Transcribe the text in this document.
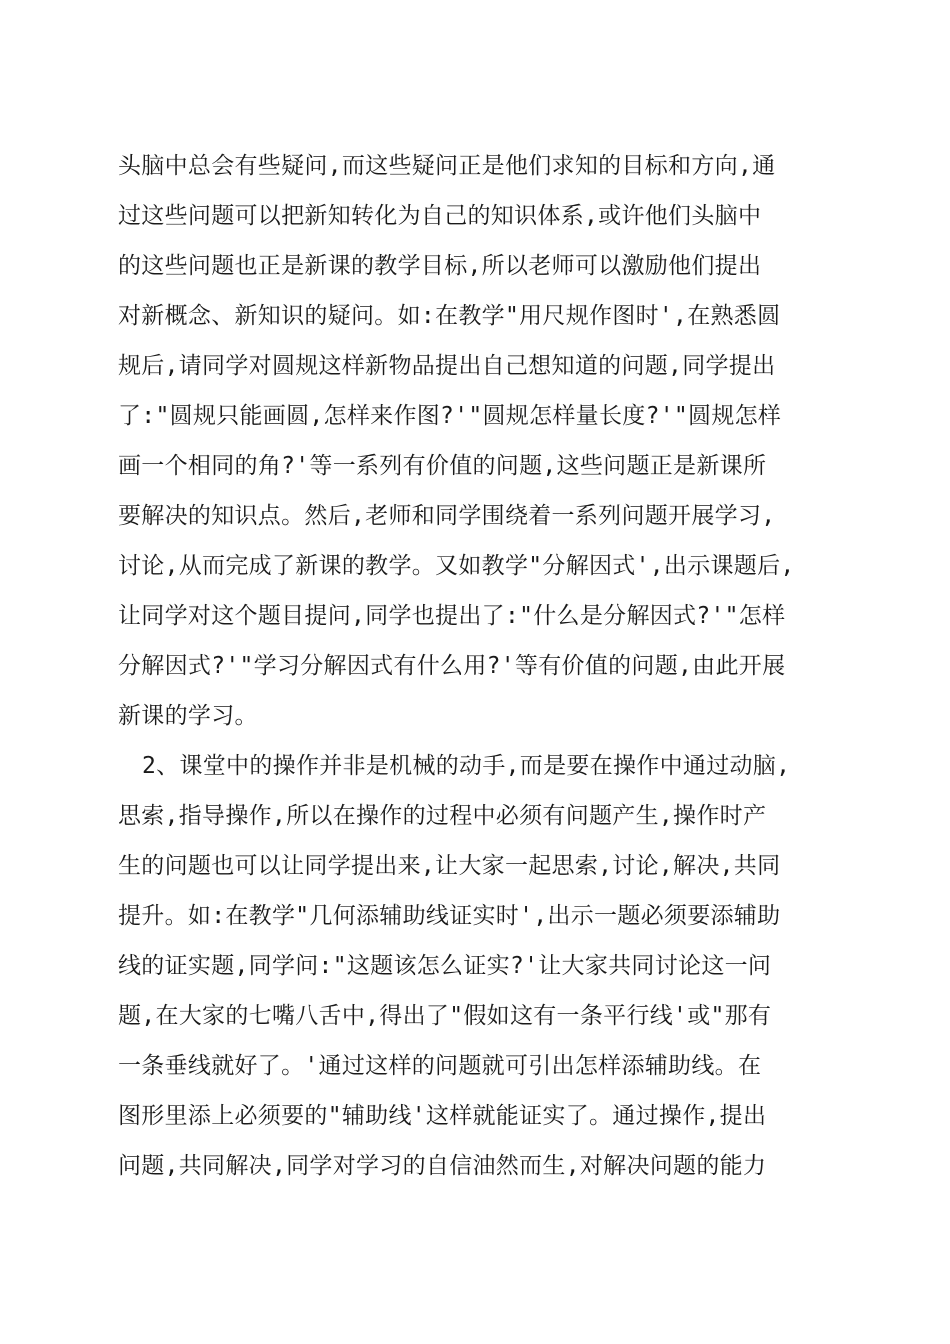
头脑中总会有些疑问,而这些疑问正是他们求知的目标和方向,通
过这些问题可以把新知转化为自己的知识体系,或许他们头脑中
的这些问题也正是新课的教学目标,所以老师可以激励他们提出
对新概念、新知识的疑问。如:在教学"用尺规作图时',在熟悉圆
规后,请同学对圆规这样新物品提出自己想知道的问题,同学提出
了:"圆规只能画圆,怎样来作图?'"圆规怎样量长度?'"圆规怎样
画一个相同的角?'等一系列有价值的问题,这些问题正是新课所
要解决的知识点。然后,老师和同学围绕着一系列问题开展学习,
讨论,从而完成了新课的教学。又如教学"分解因式',出示课题后,
让同学对这个题目提问,同学也提出了:"什么是分解因式?'"怎样
分解因式?'"学习分解因式有什么用?'等有价值的问题,由此开展
新课的学习。
2、课堂中的操作并非是机械的动手,而是要在操作中通过动脑,
思索,指导操作,所以在操作的过程中必须有问题产生,操作时产
生的问题也可以让同学提出来,让大家一起思索,讨论,解决,共同
提升。如:在教学"几何添辅助线证实时',出示一题必须要添辅助
线的证实题,同学问:"这题该怎么证实?'让大家共同讨论这一问
题,在大家的七嘴八舌中,得出了"假如这有一条平行线'或"那有
一条垂线就好了。'通过这样的问题就可引出怎样添辅助线。在
图形里添上必须要的"辅助线'这样就能证实了。通过操作,提出
问题,共同解决,同学对学习的自信油然而生,对解决问题的能力
